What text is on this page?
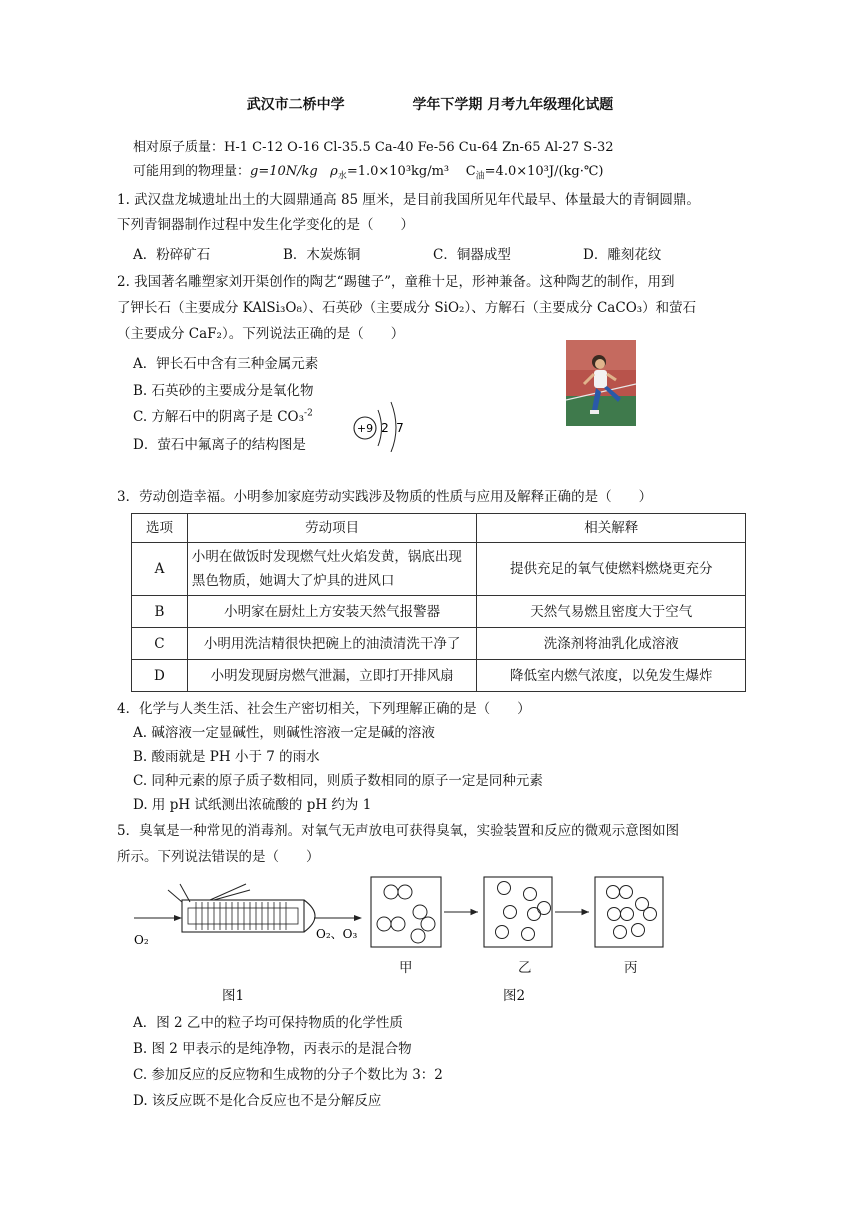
武汉市二桥中学	学年下学期 月考九年级理化试题
相对原子质量：H-1 C-12 O-16 Cl-35.5 Ca-40 Fe-56 Cu-64 Zn-65 Al-27 S-32
可能用到的物理量：g=10N/kg $\rho_水=1.0\times 10^3kg/m^3$ $C_油=4.0\times 10^3J/(kg\cdot℃)$
1. 武汉盘龙城遗址出土的大圆鼎通高 85 厘米，是目前我国所见年代最早、体量最大的青铜圆鼎。
下列青铜器制作过程中发生化学变化的是（　　）
A．粉碎矿石	B．木炭炼铜	C．铜器成型	D．雕刻花纹
2. 我国著名雕塑家刘开渠创作的陶艺“踢毽子”，童稚十足，形神兼备。这种陶艺的制作，用到
了钾长石（主要成分 KAlSi₃O₈）、石英砂（主要成分 SiO₂）、方解石（主要成分 CaCO₃）和萤石
（主要成分 CaF₂）。下列说法正确的是（　　）
A．钾长石中含有三种金属元素
B. 石英砂的主要成分是氧化物
C. 方解石中的阴离子是 CO₃$^{-2}$
D．萤石中氟离子的结构图是
+9 2 7
3．劳动创造幸福。小明参加家庭劳动实践涉及物质的性质与应用及解释正确的是（　　）
选项	劳动项目	相关解释
A	小明在做饭时发现燃气灶火焰发黄，锅底出现黑色物质，她调大了炉具的进风口	提供充足的氧气使燃料燃烧更充分
B	小明家在厨灶上方安装天然气报警器	天然气易燃且密度大于空气
C	小明用洗洁精很快把碗上的油渍清洗干净了	洗涤剂将油乳化成溶液
D	小明发现厨房燃气泄漏，立即打开排风扇	降低室内燃气浓度，以免发生爆炸
4．化学与人类生活、社会生产密切相关，下列理解正确的是（　　）
A. 碱溶液一定显碱性，则碱性溶液一定是碱的溶液
B. 酸雨就是 PH 小于 7 的雨水
C. 同种元素的原子质子数相同，则质子数相同的原子一定是同种元素
D. 用 pH 试纸测出浓硫酸的 pH 约为 1
5．臭氧是一种常见的消毒剂。对氧气无声放电可获得臭氧，实验装置和反应的微观示意图如图
所示。下列说法错误的是（　　）
O₂	O₂、O₃
甲	乙	丙
图1	图2
A．图 2 乙中的粒子均可保持物质的化学性质
B. 图 2 甲表示的是纯净物，丙表示的是混合物
C. 参加反应的反应物和生成物的分子个数比为 3：2
D. 该反应既不是化合反应也不是分解反应
